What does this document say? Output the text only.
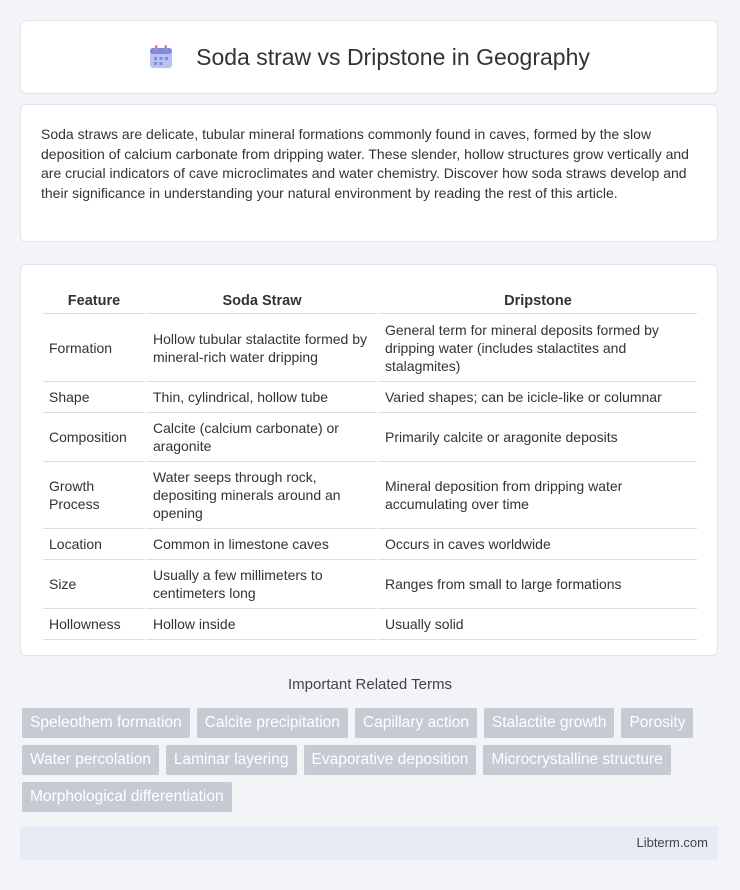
Soda straw vs Dripstone in Geography

Soda straws are delicate, tubular mineral formations commonly found in caves, formed by the slow deposition of calcium carbonate from dripping water. These slender, hollow structures grow vertically and are crucial indicators of cave microclimates and water chemistry. Discover how soda straws develop and their significance in understanding your natural environment by reading the rest of this article.

Feature	Soda Straw	Dripstone
Formation	Hollow tubular stalactite formed by mineral-rich water dripping	General term for mineral deposits formed by dripping water (includes stalactites and stalagmites)
Shape	Thin, cylindrical, hollow tube	Varied shapes; can be icicle-like or columnar
Composition	Calcite (calcium carbonate) or aragonite	Primarily calcite or aragonite deposits
Growth Process	Water seeps through rock, depositing minerals around an opening	Mineral deposition from dripping water accumulating over time
Location	Common in limestone caves	Occurs in caves worldwide
Size	Usually a few millimeters to centimeters long	Ranges from small to large formations
Hollowness	Hollow inside	Usually solid
Important Related Terms
Speleothem formation	Calcite precipitation	Capillary action	Stalactite growth	Porosity
Water percolation	Laminar layering	Evaporative deposition	Microcrystalline structure
Morphological differentiation
Libterm.com
